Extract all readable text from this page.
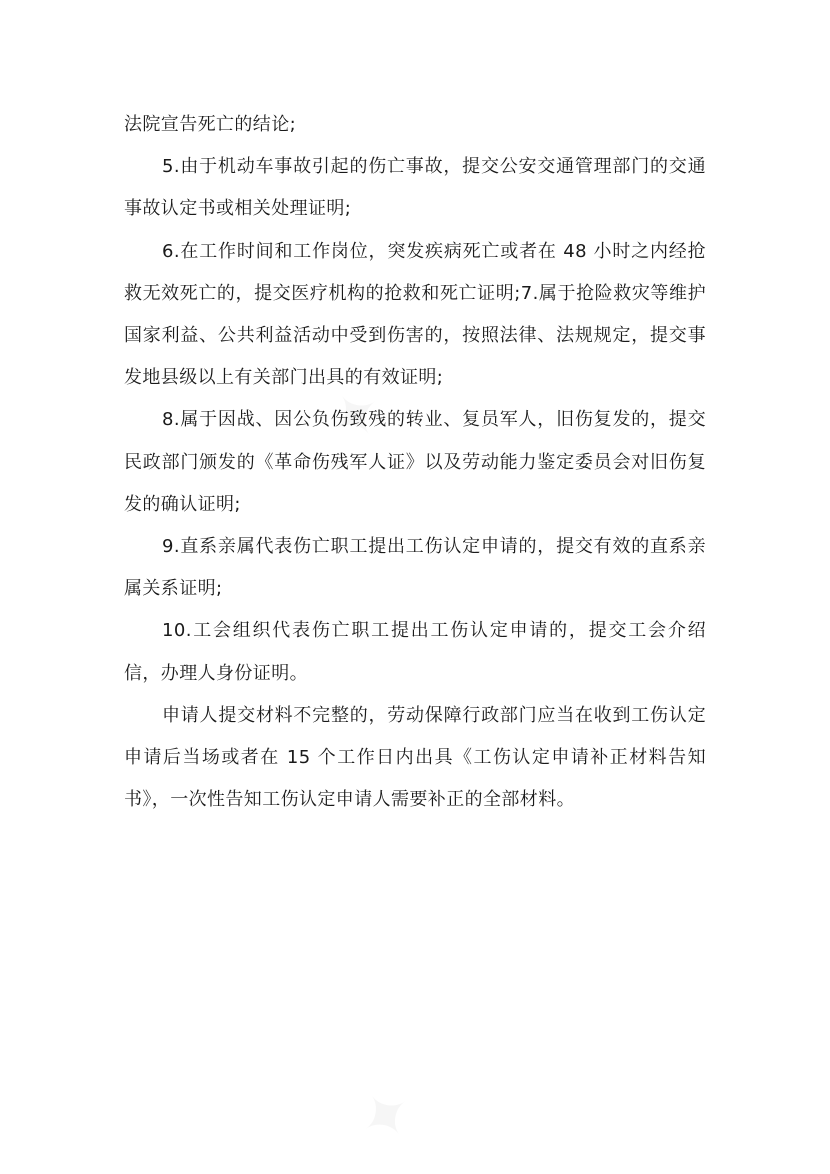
法院宣告死亡的结论;

5.由于机动车事故引起的伤亡事故，提交公安交通管理部门的交通事故认定书或相关处理证明;

6.在工作时间和工作岗位，突发疾病死亡或者在 48 小时之内经抢救无效死亡的，提交医疗机构的抢救和死亡证明;7.属于抢险救灾等维护国家利益、公共利益活动中受到伤害的，按照法律、法规规定，提交事发地县级以上有关部门出具的有效证明;

8.属于因战、因公负伤致残的转业、复员军人，旧伤复发的，提交民政部门颁发的《革命伤残军人证》以及劳动能力鉴定委员会对旧伤复发的确认证明;

9.直系亲属代表伤亡职工提出工伤认定申请的，提交有效的直系亲属关系证明;

10.工会组织代表伤亡职工提出工伤认定申请的，提交工会介绍信，办理人身份证明。

申请人提交材料不完整的，劳动保障行政部门应当在收到工伤认定申请后当场或者在 15 个工作日内出具《工伤认定申请补正材料告知书》，一次性告知工伤认定申请人需要补正的全部材料。
